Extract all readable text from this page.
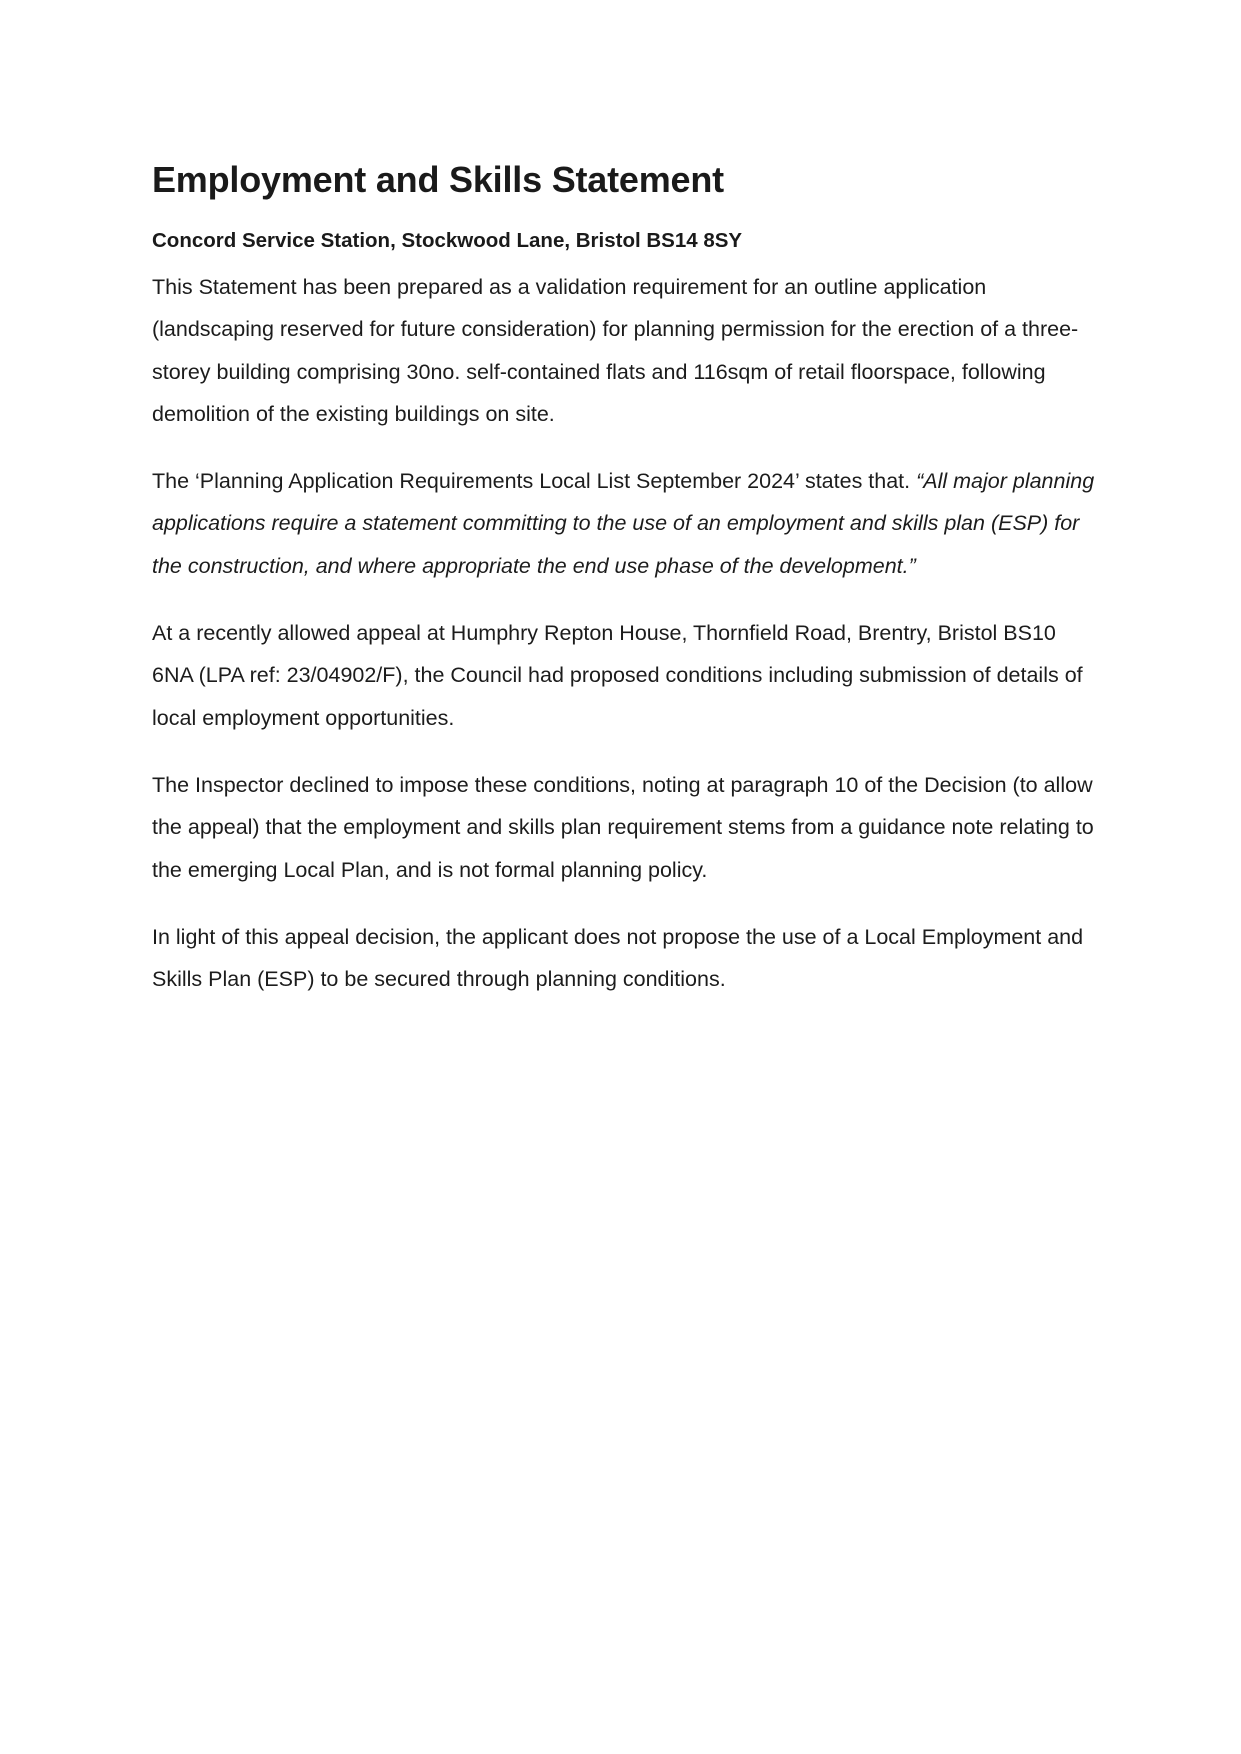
Employment and Skills Statement
Concord Service Station, Stockwood Lane, Bristol BS14 8SY

This Statement has been prepared as a validation requirement for an outline application (landscaping reserved for future consideration) for planning permission for the erection of a three-storey building comprising 30no. self-contained flats and 116sqm of retail floorspace, following demolition of the existing buildings on site.

The ‘Planning Application Requirements Local List September 2024’ states that. “All major planning applications require a statement committing to the use of an employment and skills plan (ESP) for the construction, and where appropriate the end use phase of the development.”

At a recently allowed appeal at Humphry Repton House, Thornfield Road, Brentry, Bristol BS10 6NA (LPA ref: 23/04902/F), the Council had proposed conditions including submission of details of local employment opportunities.

The Inspector declined to impose these conditions, noting at paragraph 10 of the Decision (to allow the appeal) that the employment and skills plan requirement stems from a guidance note relating to the emerging Local Plan, and is not formal planning policy.

In light of this appeal decision, the applicant does not propose the use of a Local Employment and Skills Plan (ESP) to be secured through planning conditions.
